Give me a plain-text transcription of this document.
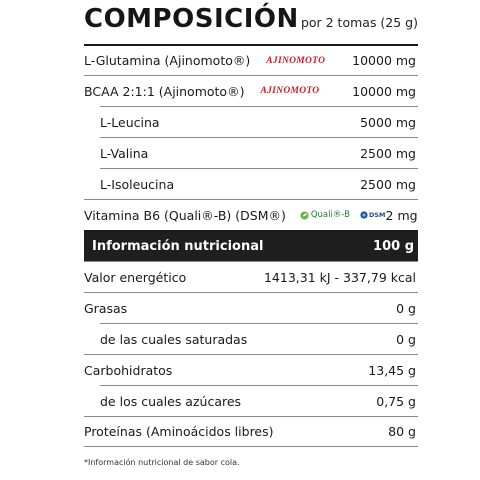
COMPOSICIÓN por 2 tomas (25 g)
L-Glutamina (Ajinomoto®) AJINOMOTO 10000 mg
BCAA 2:1:1 (Ajinomoto®) AJINOMOTO	10000 mg
L-Leucina	5000 mg
L-Valina	2500 mg
L-Isoleucina	2500 mg
Vitamina B6 (Quali®-B) (DSM®)	Quali®-B	DSM 2 mg
Información nutricional	100 g
Valor energético	1413,31 kJ - 337,79 kcal
Grasas	0 g
de las cuales saturadas	0 g
Carbohidratos	13,45 g
de los cuales azúcares	0,75 g
Proteínas (Aminoácidos libres)	80 g
*Información nutricional de sabor cola.
